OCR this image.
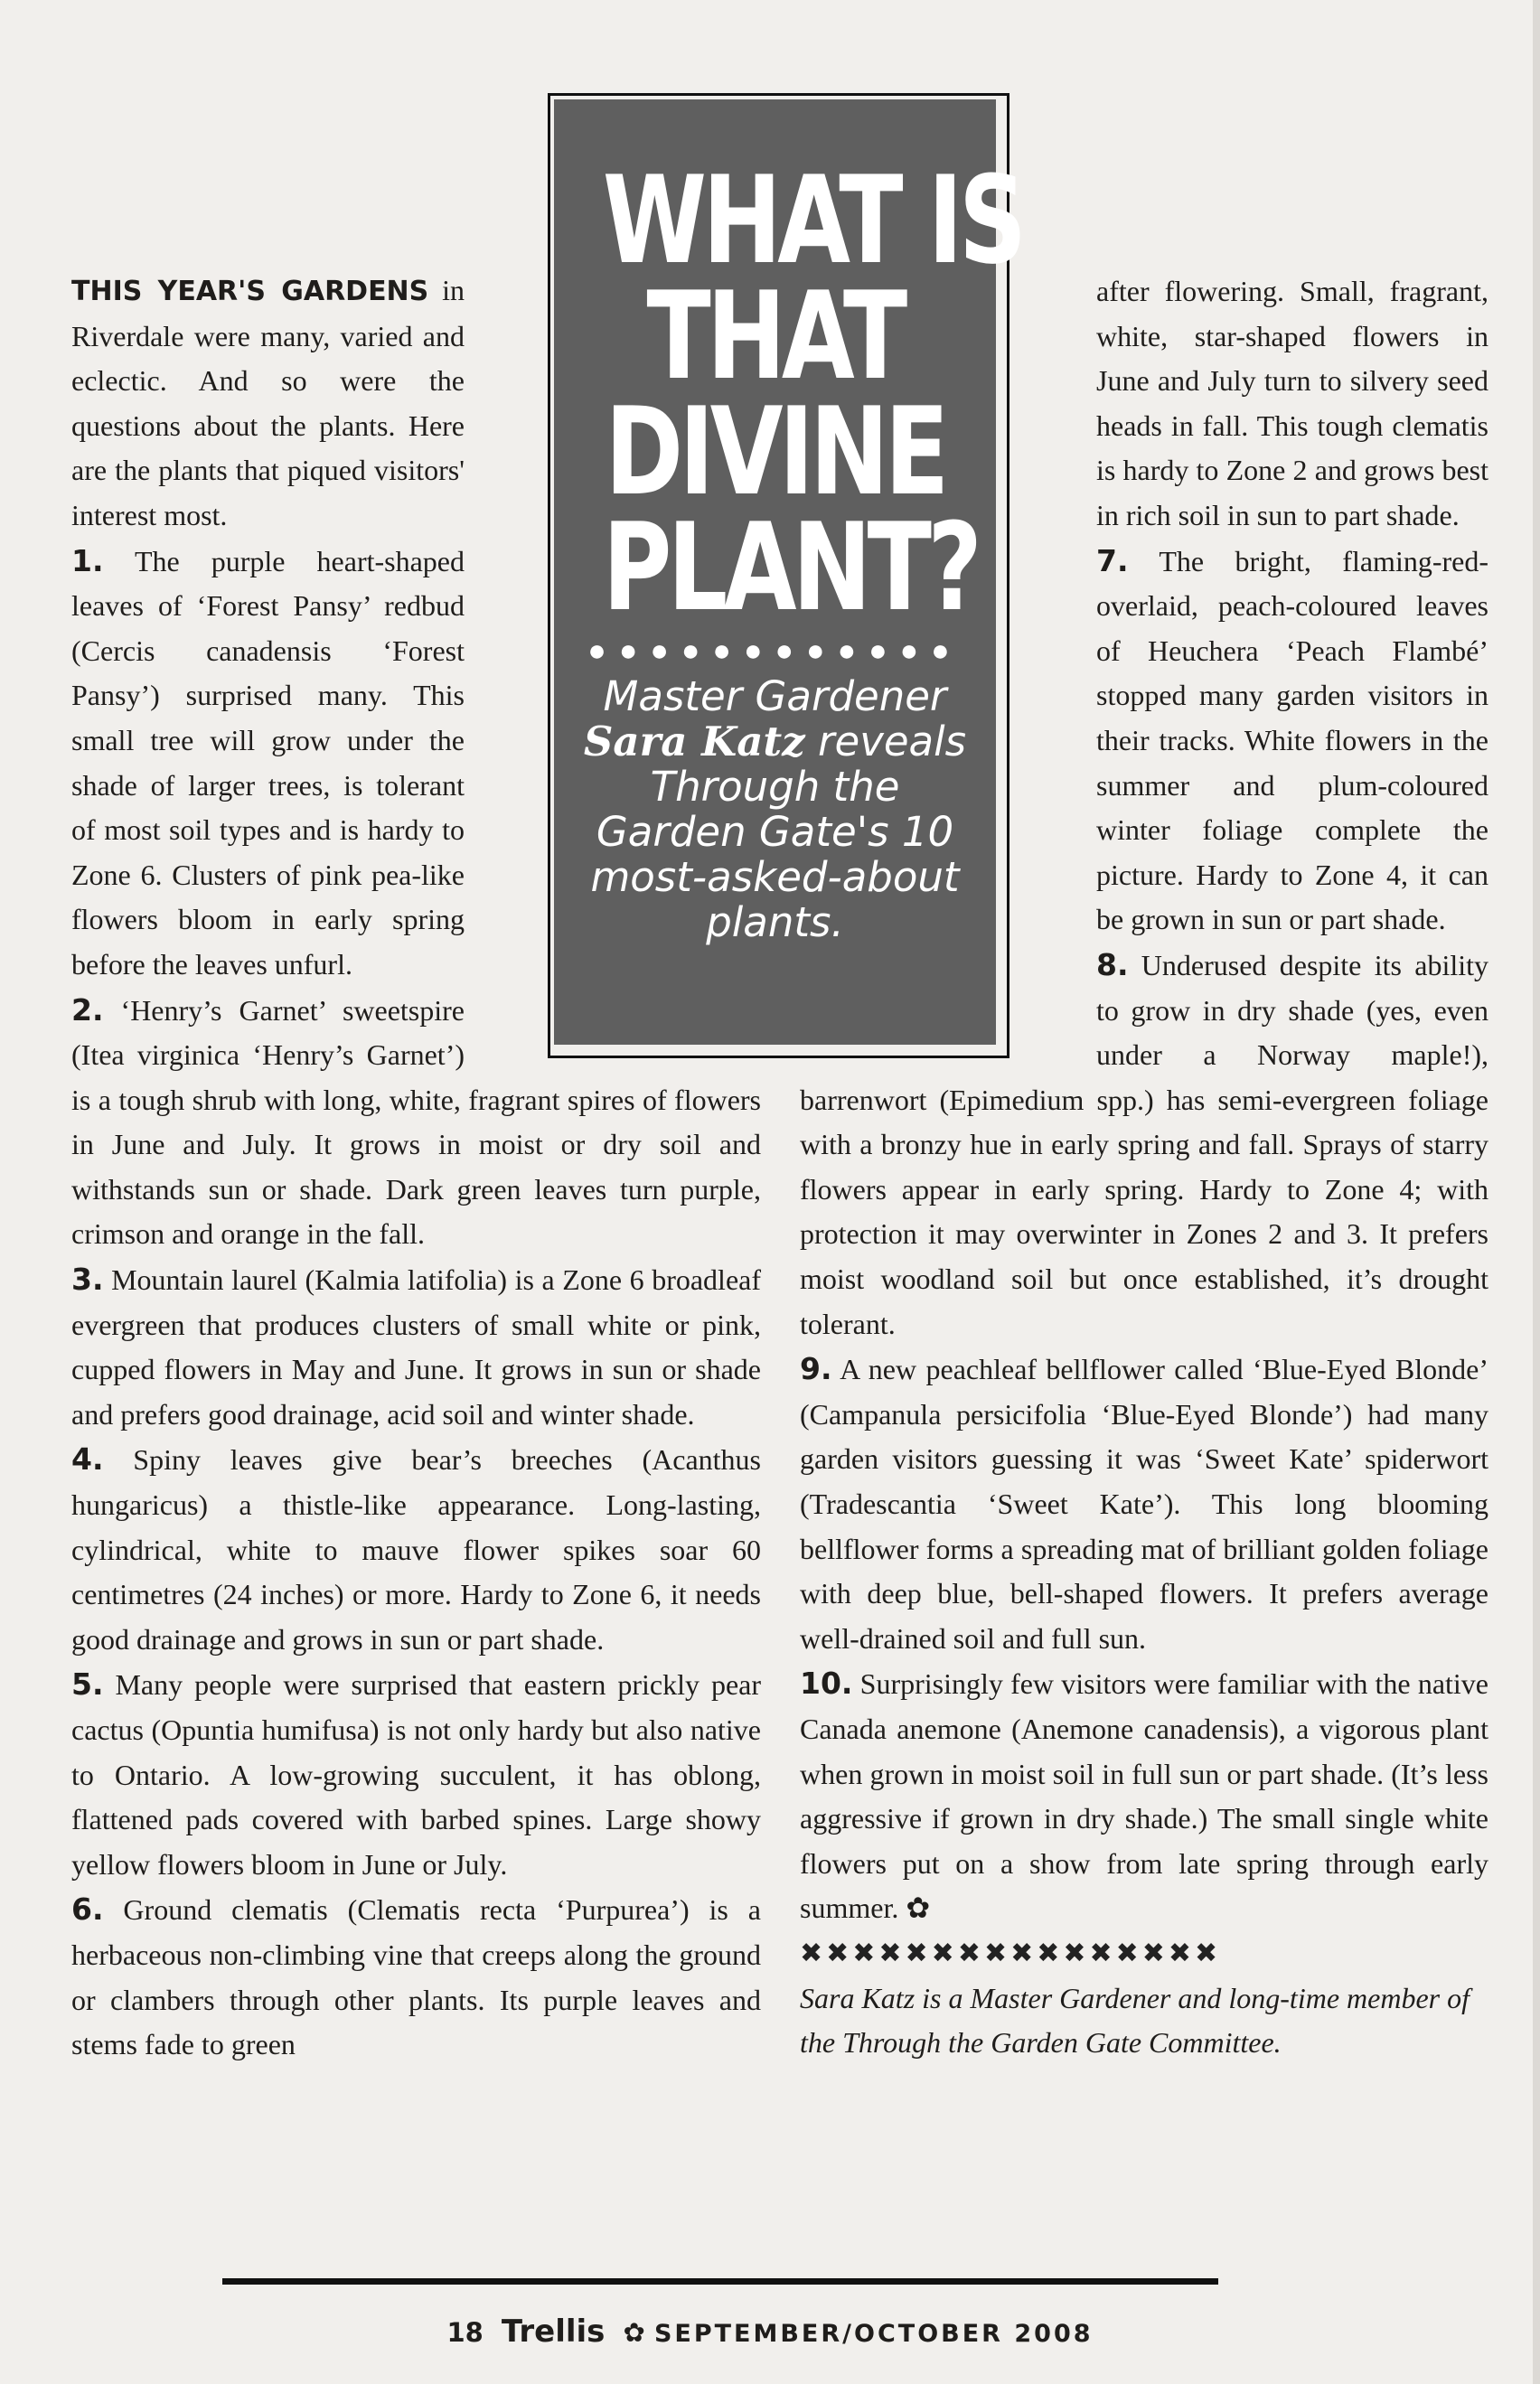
THIS YEAR'S GARDENS in Riverdale were many, varied and eclectic. And so were the questions about the plants. Here are the plants that piqued visitors' interest most.

1. The purple heart-shaped leaves of ‘Forest Pansy’ redbud (Cercis canadensis ‘Forest Pansy’) surprised many. This small tree will grow under the shade of larger trees, is tolerant of most soil types and is hardy to Zone 6. Clusters of pink pea-like flowers bloom in early spring before the leaves unfurl.

2. ‘Henry’s Garnet’ sweetspire (Itea virginica ‘Henry’s Garnet’) is a tough shrub with long, white, fragrant spires of flowers in June and July. It grows in moist or dry soil and withstands sun or shade. Dark green leaves turn purple, crimson and orange in the fall.

3. Mountain laurel (Kalmia latifolia) is a Zone 6 broadleaf evergreen that produces clusters of small white or pink, cupped flowers in May and June. It grows in sun or shade and prefers good drainage, acid soil and winter shade.

4. Spiny leaves give bear’s breeches (Acanthus hungaricus) a thistle-like appearance. Long-lasting, cylindrical, white to mauve flower spikes soar 60 centimetres (24 inches) or more. Hardy to Zone 6, it needs good drainage and grows in sun or part shade.

5. Many people were surprised that eastern prickly pear cactus (Opuntia humifusa) is not only hardy but also native to Ontario. A low-growing succulent, it has oblong, flattened pads covered with barbed spines. Large showy yellow flowers bloom in June or July.

6. Ground clematis (Clematis recta ‘Purpurea’) is a herbaceous non-climbing vine that creeps along the ground or clambers through other plants. Its purple leaves and stems fade to green

after flowering. Small, fragrant, white, star-shaped flowers in June and July turn to silvery seed heads in fall. This tough clematis is hardy to Zone 2 and grows best in rich soil in sun to part shade.

7. The bright, flaming-red-overlaid, peach-coloured leaves of Heuchera ‘Peach Flambé’ stopped many garden visitors in their tracks. White flowers in the summer and plum-coloured winter foliage complete the picture. Hardy to Zone 4, it can be grown in sun or part shade.

8. Underused despite its ability to grow in dry shade (yes, even under a Norway maple!), barrenwort (Epimedium spp.) has semi-evergreen foliage with a bronzy hue in early spring and fall. Sprays of starry flowers appear in early spring. Hardy to Zone 4; with protection it may overwinter in Zones 2 and 3. It prefers moist woodland soil but once established, it’s drought tolerant.

9. A new peachleaf bellflower called ‘Blue-Eyed Blonde’ (Campanula persicifolia ‘Blue-Eyed Blonde’) had many garden visitors guessing it was ‘Sweet Kate’ spiderwort (Tradescantia ‘Sweet Kate’). This long blooming bellflower forms a spreading mat of brilliant golden foliage with deep blue, bell-shaped flowers. It prefers average well-drained soil and full sun.

10. Surprisingly few visitors were familiar with the native Canada anemone (Anemone canadensis), a vigorous plant when grown in moist soil in full sun or part shade. (It’s less aggressive if grown in dry shade.) The small single white flowers put on a show from late spring through early summer. ✿

✖✖✖✖✖✖✖✖✖✖✖✖✖✖✖✖

Sara Katz is a Master Gardener and long-time member of the Through the Garden Gate Committee.

WHAT IS
THAT
DIVINE
PLANT?
●●●●●●●●●●●●
Master Gardener Sara Katz reveals Through the Garden Gate's 10 most-asked-about plants.
18 Trellis ✿ SEPTEMBER/OCTOBER 2008
